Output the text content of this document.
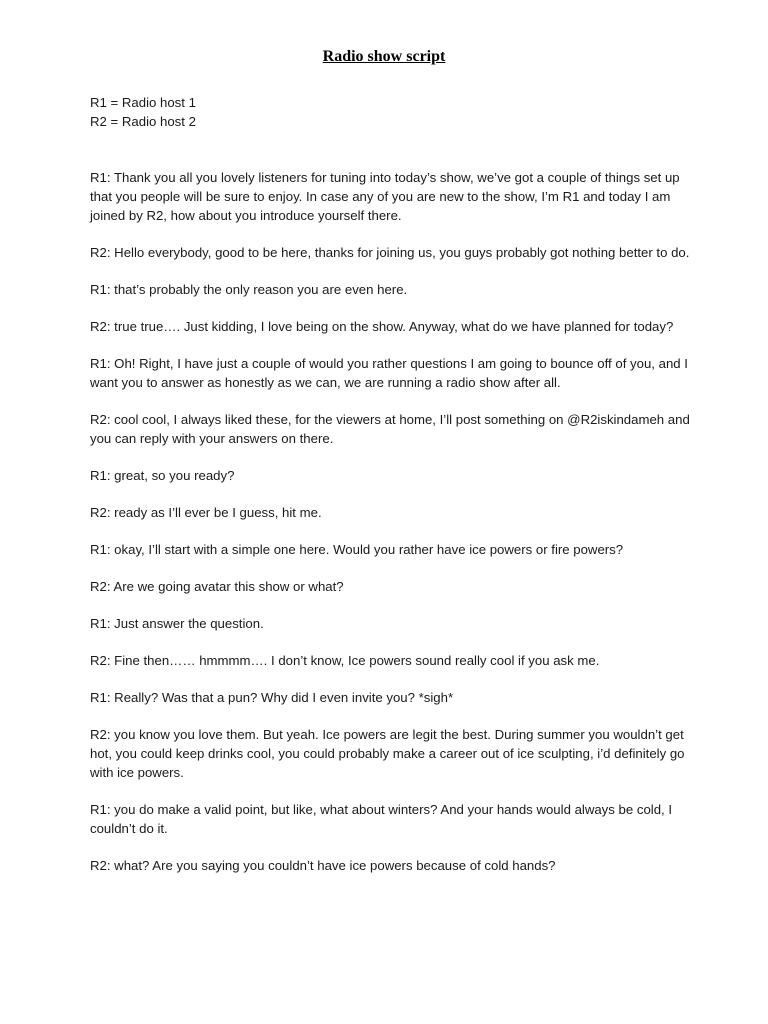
Radio show script

R1 = Radio host 1

R2 = Radio host 2

R1: Thank you all you lovely listeners for tuning into today’s show, we’ve got a couple of things set up that you people will be sure to enjoy. In case any of you are new to the show, I’m R1 and today I am joined by R2, how about you introduce yourself there.

R2: Hello everybody, good to be here, thanks for joining us, you guys probably got nothing better to do.

R1: that’s probably the only reason you are even here.

R2: true true…. Just kidding, I love being on the show. Anyway, what do we have planned for today?

R1: Oh! Right, I have just a couple of would you rather questions I am going to bounce off of you, and I want you to answer as honestly as we can, we are running a radio show after all.

R2: cool cool, I always liked these, for the viewers at home, I’ll post something on @R2iskindameh and you can reply with your answers on there.

R1: great, so you ready?

R2: ready as I’ll ever be I guess, hit me.

R1: okay, I’ll start with a simple one here. Would you rather have ice powers or fire powers?

R2: Are we going avatar this show or what?

R1: Just answer the question.

R2: Fine then…… hmmmm…. I don’t know, Ice powers sound really cool if you ask me.

R1: Really? Was that a pun? Why did I even invite you? *sigh*

R2: you know you love them. But yeah. Ice powers are legit the best. During summer you wouldn’t get hot, you could keep drinks cool, you could probably make a career out of ice sculpting, i’d definitely go with ice powers.

R1: you do make a valid point, but like, what about winters? And your hands would always be cold, I couldn’t do it.

R2: what? Are you saying you couldn’t have ice powers because of cold hands?
